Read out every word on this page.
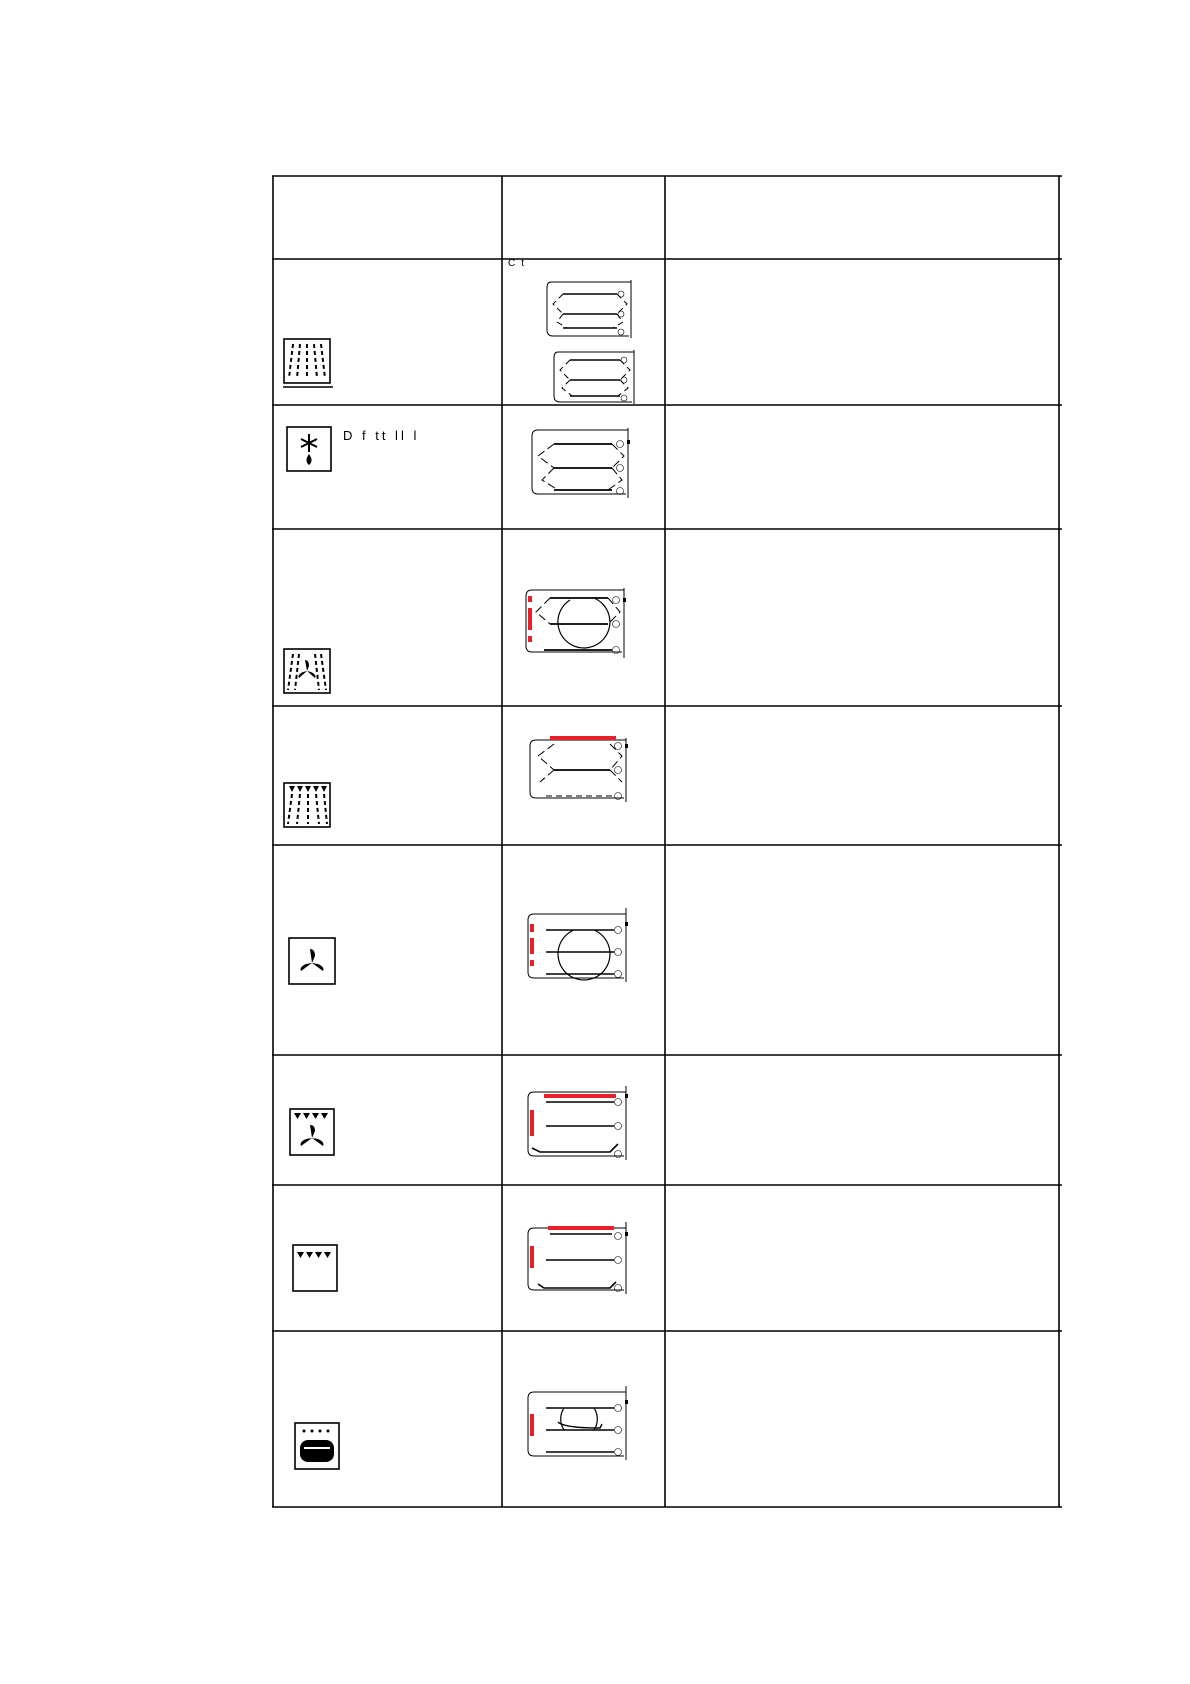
Ct
D f tt ll l
